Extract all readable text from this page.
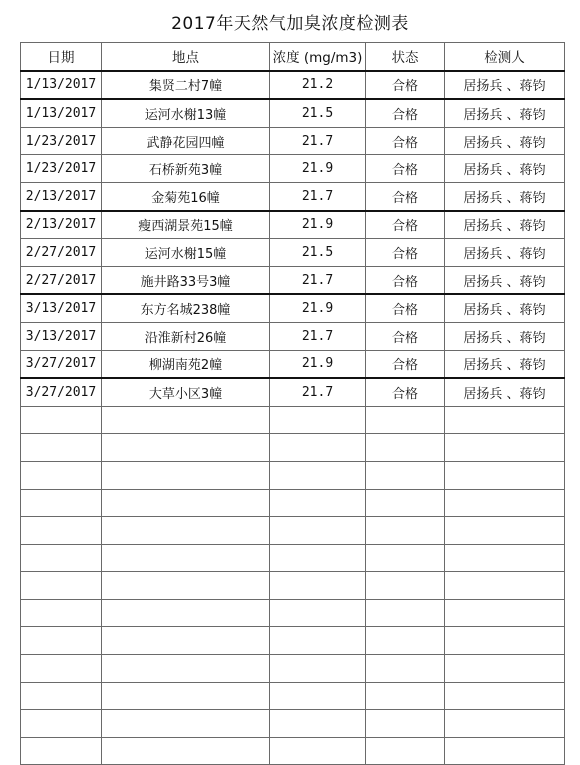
2017年天然气加臭浓度检测表
日期	地点	浓度 (mg/m3)	状态	检测人
1/13/2017	集贤二村7幢	21.2	合格	居扬兵 、蒋钧
1/13/2017	运河水榭13幢	21.5	合格	居扬兵 、蒋钧
1/23/2017	武静花园四幢	21.7	合格	居扬兵 、蒋钧
1/23/2017	石桥新苑3幢	21.9	合格	居扬兵 、蒋钧
2/13/2017	金菊苑16幢	21.7	合格	居扬兵 、蒋钧
2/13/2017	瘦西湖景苑15幢	21.9	合格	居扬兵 、蒋钧
2/27/2017	运河水榭15幢	21.5	合格	居扬兵 、蒋钧
2/27/2017	施井路33号3幢	21.7	合格	居扬兵 、蒋钧
3/13/2017	东方名城238幢	21.9	合格	居扬兵 、蒋钧
3/13/2017	沿淮新村26幢	21.7	合格	居扬兵 、蒋钧
3/27/2017	柳湖南苑2幢	21.9	合格	居扬兵 、蒋钧
3/27/2017	大草小区3幢	21.7	合格	居扬兵 、蒋钧
